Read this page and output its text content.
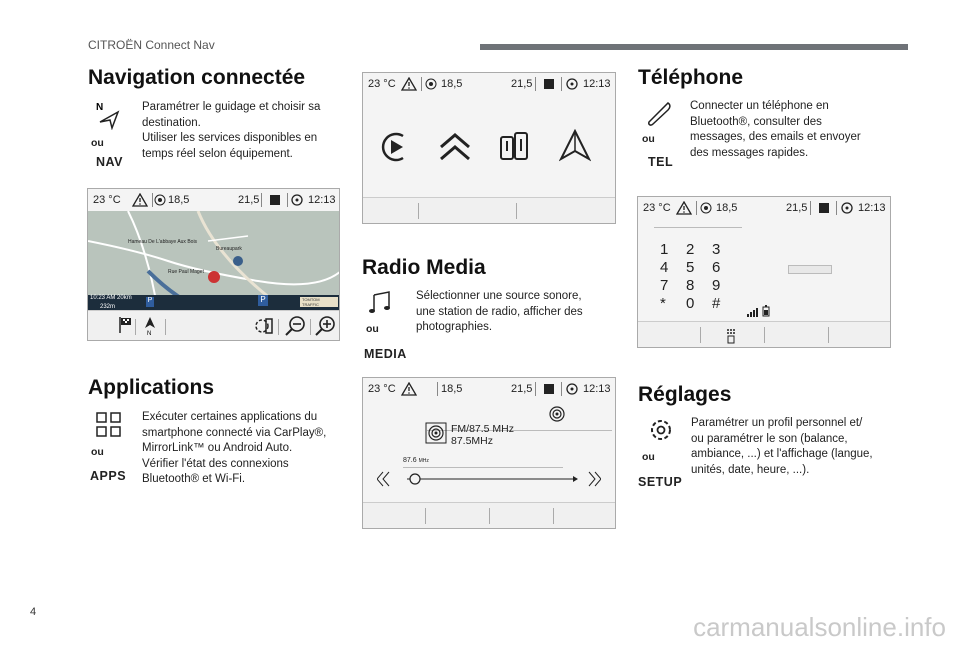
CITROËN Connect Nav
Navigation connectée
N
ou
NAV
Paramétrer le guidage et choisir sa
destination.
Utiliser les services disponibles en
temps réel selon équipement.
23 °C	18,5	21,5	12:13
Hameau De L'abbaye Aux Bois
Bureaupark
Rue Paul Maget
10:23 AM 20km
232m
P	P	TOMTOM TRAFFIC
N
Applications
ou
APPS
Exécuter certaines applications du
smartphone connecté via CarPlay®,
MirrorLink™ ou Android Auto.
Vérifier l'état des connexions
Bluetooth® et Wi-Fi.
23 °C	18,5	21,5	12:13
Radio Media
ou
MEDIA
Sélectionner une source sonore,
une station de radio, afficher des
photographies.
23 °C	18,5	21,5	12:13
FM/87.5 MHz
87.5MHz
87.6 MHz
Téléphone
ou
TEL
Connecter un téléphone en
Bluetooth®, consulter des
messages, des emails et envoyer
des messages rapides.
23 °C	18,5	21,5	12:13
1	2	3
4	5	6
7	8	9
*	0	#
Réglages
ou
SETUP
Paramétrer un profil personnel et/
ou paramétrer le son (balance,
ambiance, ...) et l'affichage (langue,
unités, date, heure, ...).
4	carmanualsonline.info
